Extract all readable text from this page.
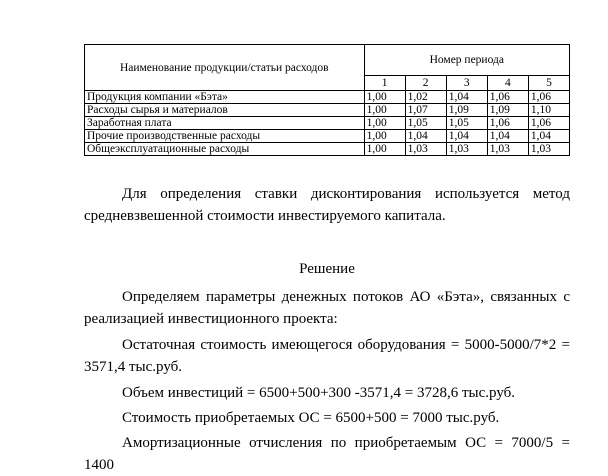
Наименование продукции/статьи расходов	Номер периода				
	1	2	3	4	5
Продукция компании «Бэта»	1,00	1,02	1,04	1,06	1,06
Расходы сырья и материалов	1,00	1,07	1,09	1,09	1,10
Заработная плата	1,00	1,05	1,05	1,06	1,06
Прочие производственные расходы	1,00	1,04	1,04	1,04	1,04
Общеэксплуатационные расходы	1,00	1,03	1,03	1,03	1,03

Для определения ставки дисконтирования используется метод

средневзвешенной стоимости инвестируемого капитала.

Решение

Определяем параметры денежных потоков АО «Бэта», связанных с

реализацией инвестиционного проекта:

Остаточная стоимость имеющегося оборудования = 5000-5000/7*2 =

3571,4 тыс.руб.

Объем инвестиций = 6500+500+300 -3571,4 = 3728,6 тыс.руб.

Стоимость приобретаемых ОС = 6500+500 = 7000 тыс.руб.

Амортизационные отчисления по приобретаемым ОС = 7000/5 = 1400
